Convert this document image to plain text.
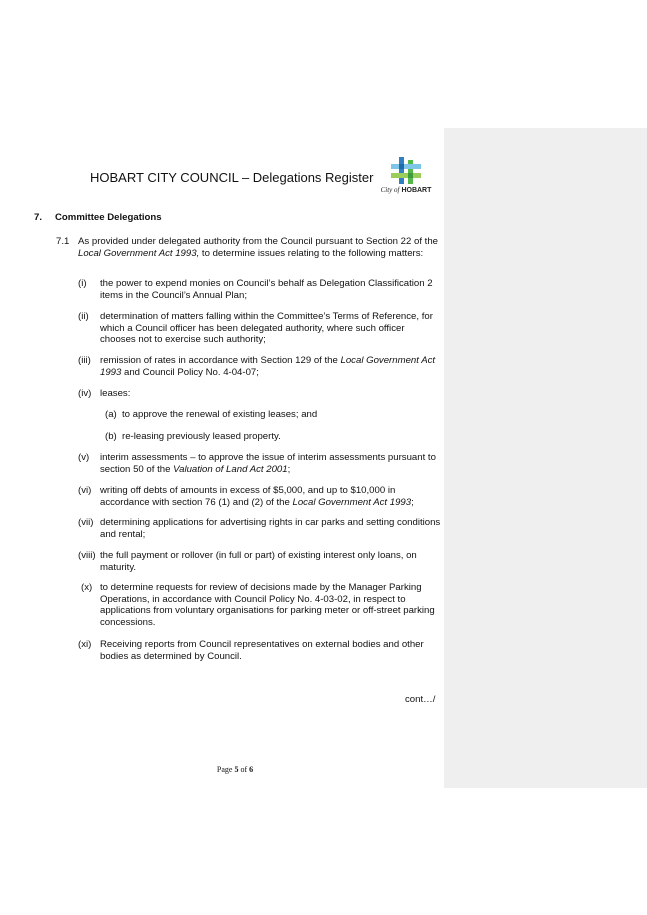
HOBART CITY COUNCIL – Delegations Register
City of HOBART
7. Committee Delegations
7.1 As provided under delegated authority from the Council pursuant to Section 22 of the Local Government Act 1993, to determine issues relating to the following matters:

(i) the power to expend monies on Council’s behalf as Delegation Classification 2 items in the Council’s Annual Plan;

(ii) determination of matters falling within the Committee’s Terms of Reference, for which a Council officer has been delegated authority, where such officer chooses not to exercise such authority;

(iii) remission of rates in accordance with Section 129 of the Local Government Act 1993 and Council Policy No. 4-04-07;

(iv) leases:

(a) to approve the renewal of existing leases; and
(b) re-leasing previously leased property.
(v) interim assessments – to approve the issue of interim assessments pursuant to section 50 of the Valuation of Land Act 2001;

(vi) writing off debts of amounts in excess of $5,000, and up to $10,000 in accordance with section 76 (1) and (2) of the Local Government Act 1993;

(vii) determining applications for advertising rights in car parks and setting conditions and rental;

(viii) the full payment or rollover (in full or part) of existing interest only loans, on maturity.

(x) to determine requests for review of decisions made by the Manager Parking Operations, in accordance with Council Policy No. 4-03-02, in respect to applications from voluntary organisations for parking meter or off-street parking concessions.

(xi) Receiving reports from Council representatives on external bodies and other bodies as determined by Council.

cont…/
Page 5 of 6
